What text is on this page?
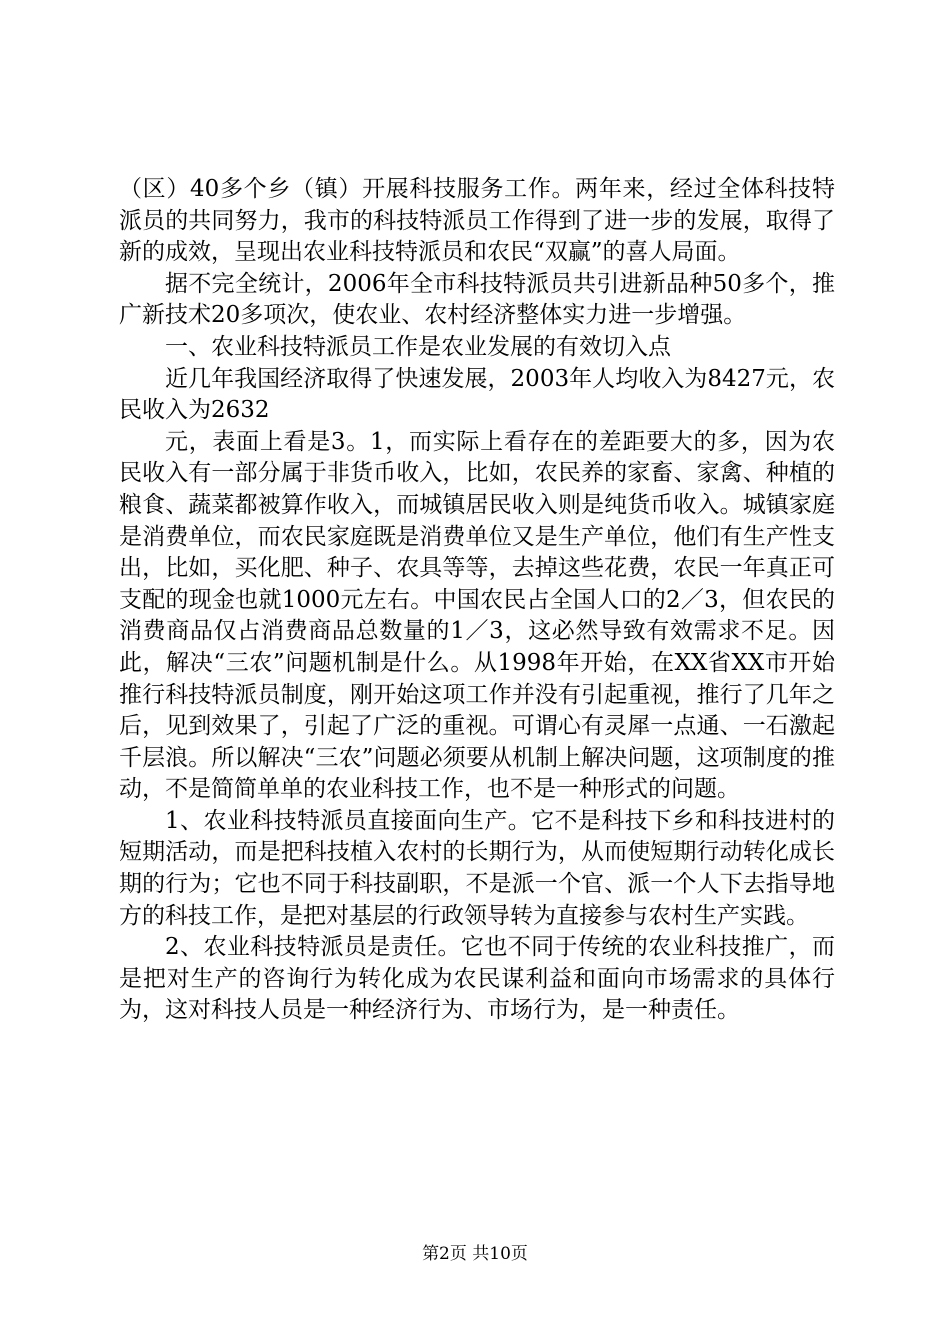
（区）40多个乡（镇）开展科技服务工作。两年来，经过全体科技特派员的共同努力，我市的科技特派员工作得到了进一步的发展，取得了新的成效，呈现出农业科技特派员和农民“双赢”的喜人局面。

据不完全统计，2006年全市科技特派员共引进新品种50多个，推广新技术20多项次，使农业、农村经济整体实力进一步增强。

一、农业科技特派员工作是农业发展的有效切入点

近几年我国经济取得了快速发展，2003年人均收入为8427元，农民收入为2632

元，表面上看是3。1，而实际上看存在的差距要大的多，因为农民收入有一部分属于非货币收入，比如，农民养的家畜、家禽、种植的粮食、蔬菜都被算作收入，而城镇居民收入则是纯货币收入。城镇家庭是消费单位，而农民家庭既是消费单位又是生产单位，他们有生产性支出，比如，买化肥、种子、农具等等，去掉这些花费，农民一年真正可支配的现金也就1000元左右。中国农民占全国人口的2／3，但农民的消费商品仅占消费商品总数量的1／3，这必然导致有效需求不足。因此，解决“三农”问题机制是什么。从1998年开始，在XX省XX市开始推行科技特派员制度，刚开始这项工作并没有引起重视，推行了几年之后，见到效果了，引起了广泛的重视。可谓心有灵犀一点通、一石激起千层浪。所以解决“三农”问题必须要从机制上解决问题，这项制度的推动，不是简简单单的农业科技工作，也不是一种形式的问题。

1、农业科技特派员直接面向生产。它不是科技下乡和科技进村的短期活动，而是把科技植入农村的长期行为，从而使短期行动转化成长期的行为；它也不同于科技副职，不是派一个官、派一个人下去指导地方的科技工作，是把对基层的行政领导转为直接参与农村生产实践。

2、农业科技特派员是责任。它也不同于传统的农业科技推广，而是把对生产的咨询行为转化成为农民谋利益和面向市场需求的具体行为，这对科技人员是一种经济行为、市场行为，是一种责任。

第2页 共10页
